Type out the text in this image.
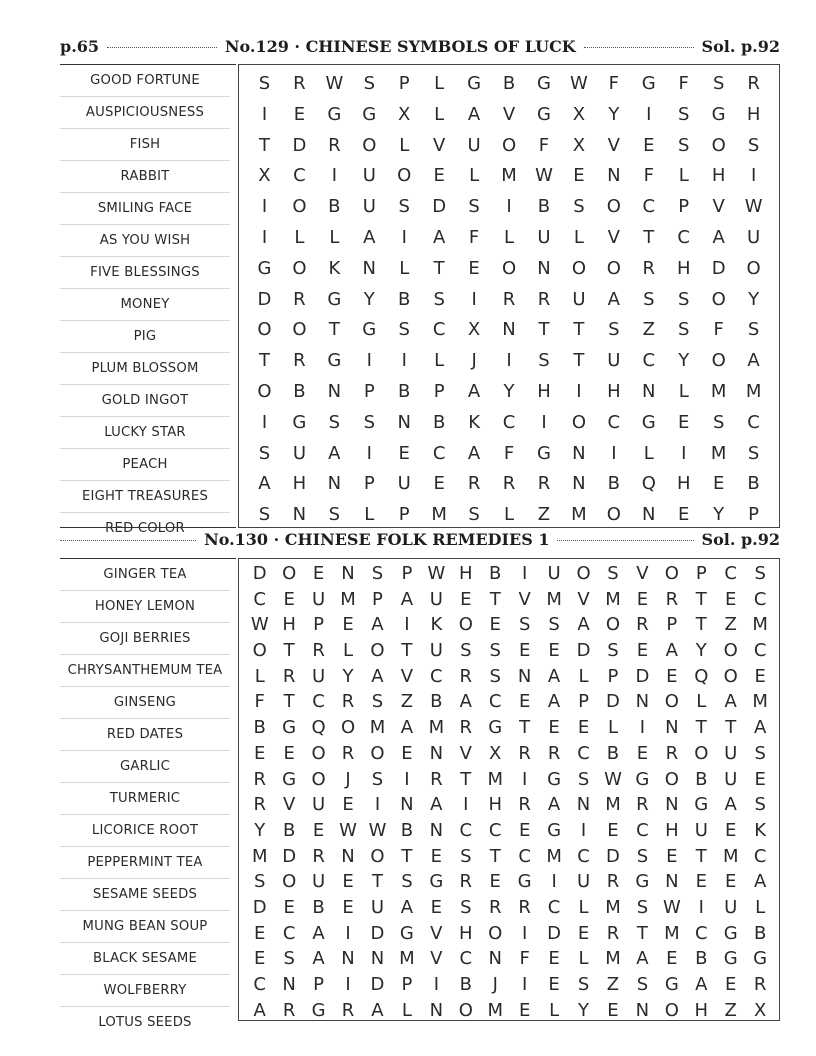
p.65	No.129 · CHINESE SYMBOLS OF LUCK	Sol. p.92
GOOD FORTUNE
AUSPICIOUSNESS
FISH
RABBIT
SMILING FACE
AS YOU WISH
FIVE BLESSINGS
MONEY
PIG
PLUM BLOSSOM
GOLD INGOT
LUCKY STAR
PEACH
EIGHT TREASURES
RED COLOR
S	R	W	S	P	L	G	B	G	W	F	G	F	S	R
I	E	G	G	X	L	A	V	G	X	Y	I	S	G	H
T	D	R	O	L	V	U	O	F	X	V	E	S	O	S
X	C	I	U	O	E	L	M	W	E	N	F	L	H	I
I	O	B	U	S	D	S	I	B	S	O	C	P	V	W
I	L	L	A	I	A	F	L	U	L	V	T	C	A	U
G	O	K	N	L	T	E	O	N	O	O	R	H	D	O
D	R	G	Y	B	S	I	R	R	U	A	S	S	O	Y
O	O	T	G	S	C	X	N	T	T	S	Z	S	F	S
T	R	G	I	I	L	J	I	S	T	U	C	Y	O	A
O	B	N	P	B	P	A	Y	H	I	H	N	L	M	M
I	G	S	S	N	B	K	C	I	O	C	G	E	S	C
S	U	A	I	E	C	A	F	G	N	I	L	I	M	S
A	H	N	P	U	E	R	R	R	N	B	Q	H	E	B
S	N	S	L	P	M	S	L	Z	M	O	N	E	Y	P
No.130 · CHINESE FOLK REMEDIES 1	Sol. p.92
GINGER TEA
HONEY LEMON
GOJI BERRIES
CHRYSANTHEMUM TEA
GINSENG
RED DATES
GARLIC
TURMERIC
LICORICE ROOT
PEPPERMINT TEA
SESAME SEEDS
MUNG BEAN SOUP
BLACK SESAME
WOLFBERRY
LOTUS SEEDS
D O E N S	P W H B	I	U O S V O P C S
C E U M P A U E	T V M V M E R T	E C
W H P	E A	I	K O E	S	S A O R P	T Z M
O T R	L O T U S	S	E	E D S	E A Y O C
L	R U Y A V C R S N A	L	P D E Q O E
F	T C R S Z B A C E A P D N O L	A M
B G Q O M A M R G T	E	E	L	I	N T	T A
E	E O R O E N V X R R C B E R O U S
R G O	J	S	I	R T M	I	G S W G O B U E
R V U E	I	N A	I	H R A N M R N G A S
Y B E W W B N C C E G	I	E C H U E K
M D R N O T	E	S	T C M C D S	E	T M C
S O U E	T	S G R E G	I	U R G N E	E A
D E B E U A E	S R R C	L M S W I	U L
E C A	I	D G V H O	I	D E R T M C G B
E	S A N N M V C N F	E	L M A E B G G
C N P	I	D P	I	B	J	I	E	S Z S G A E R
A R G R A	L N O M E	L	Y	E N O H Z X
